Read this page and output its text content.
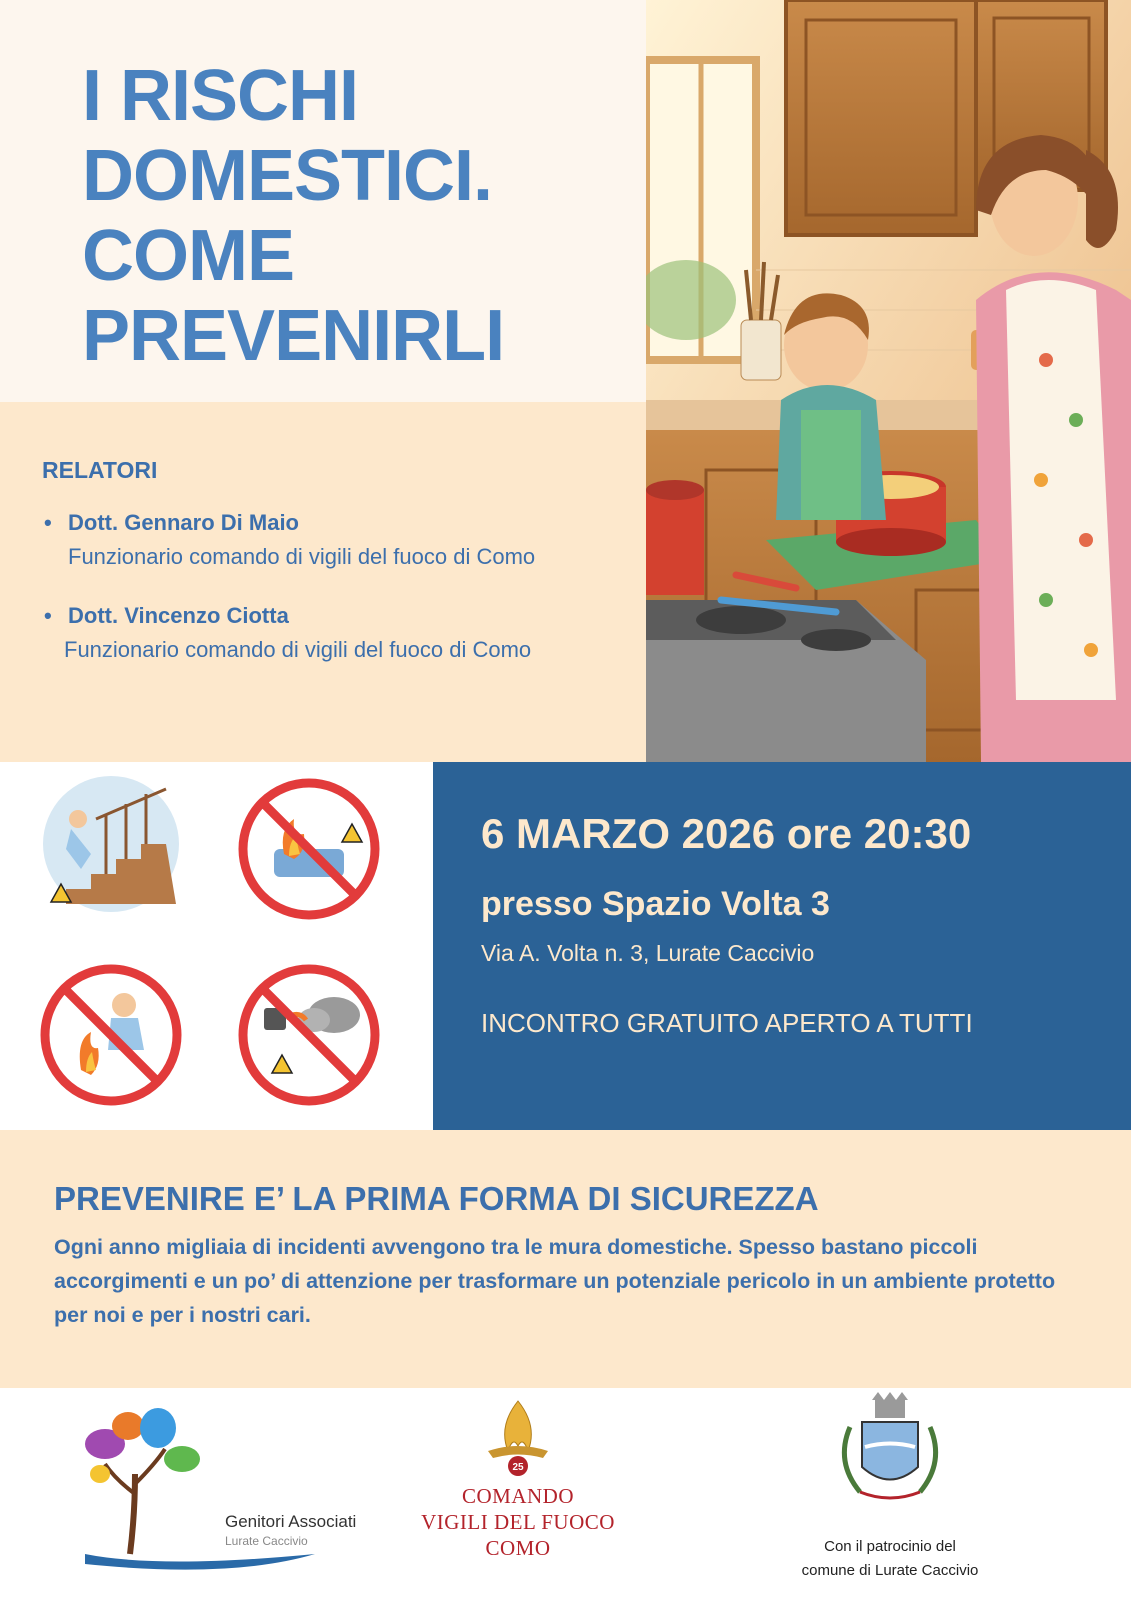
I RISCHI
DOMESTICI.
COME
PREVENIRLI
RELATORI
• Dott. Gennaro Di Maio
Funzionario comando di vigili del fuoco di Como
• Dott. Vincenzo Ciotta
Funzionario comando di vigili del fuoco di Como
6 MARZO 2026 ore 20:30
presso Spazio Volta 3
Via A. Volta n. 3, Lurate Caccivio
INCONTRO GRATUITO APERTO A TUTTI
PREVENIRE E’ LA PRIMA FORMA DI SICUREZZA

Ogni anno migliaia di incidenti avvengono tra le mura domestiche. Spesso bastano piccoli accorgimenti e un po’ di attenzione per trasformare un potenziale pericolo in un ambiente protetto per noi e per i nostri cari.

Genitori Associati
Lurate Caccivio
25
COMANDO
VIGILI DEL FUOCO
COMO	Con il patrocinio del
comune di Lurate Caccivio
